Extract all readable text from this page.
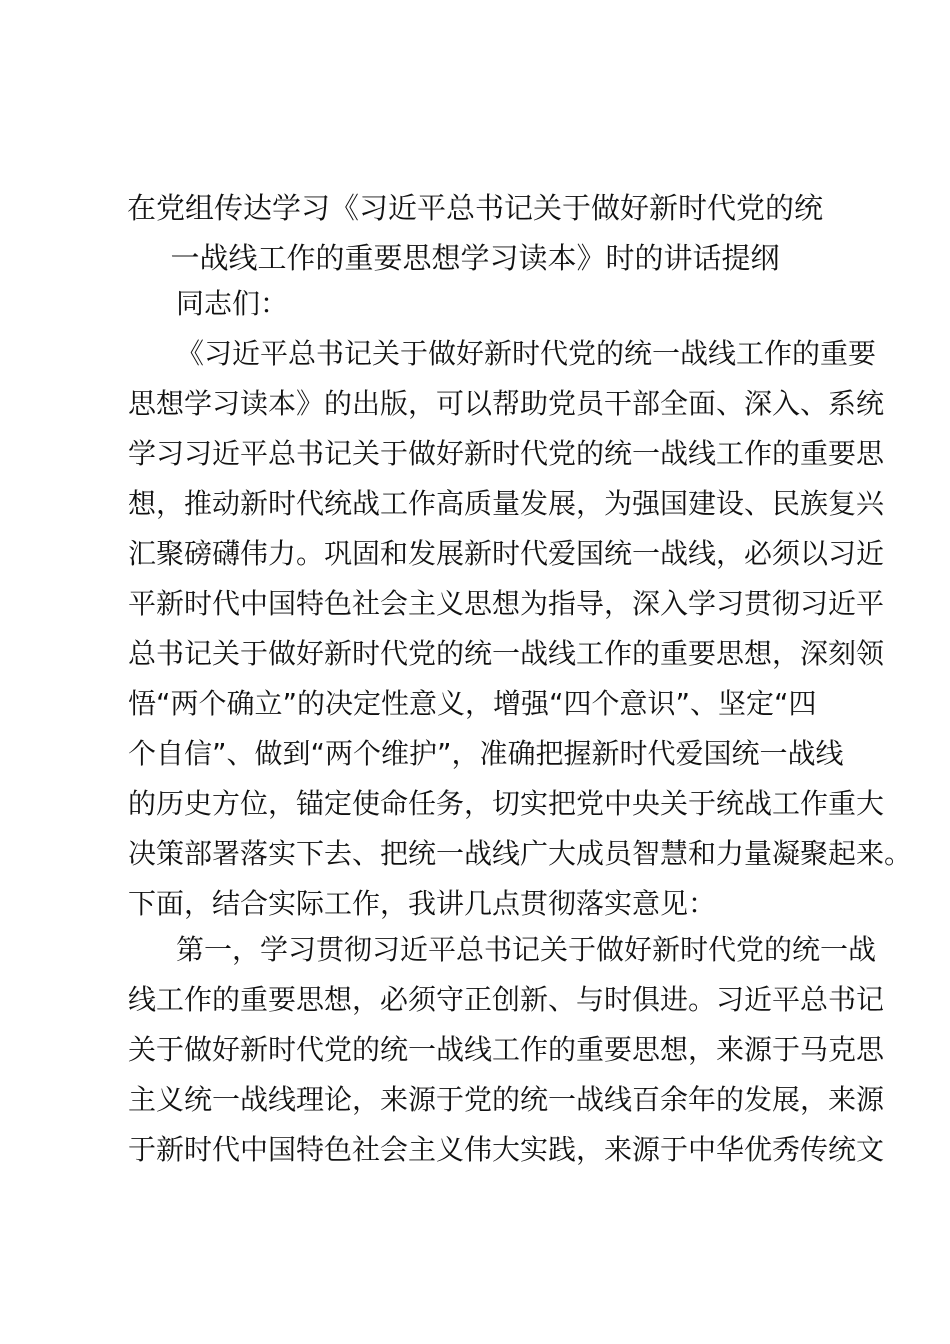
在党组传达学习《习近平总书记关于做好新时代党的统
一战线工作的重要思想学习读本》时的讲话提纲
同志们：
《习近平总书记关于做好新时代党的统一战线工作的重要
思想学习读本》的出版，可以帮助党员干部全面、深入、系统
学习习近平总书记关于做好新时代党的统一战线工作的重要思
想，推动新时代统战工作高质量发展，为强国建设、民族复兴
汇聚磅礴伟力。巩固和发展新时代爱国统一战线，必须以习近
平新时代中国特色社会主义思想为指导，深入学习贯彻习近平
总书记关于做好新时代党的统一战线工作的重要思想，深刻领
悟“两个确立”的决定性意义，增强“四个意识”、坚定“四
个自信”、做到“两个维护”，准确把握新时代爱国统一战线
的历史方位，锚定使命任务，切实把党中央关于统战工作重大
决策部署落实下去、把统一战线广大成员智慧和力量凝聚起来。
下面，结合实际工作，我讲几点贯彻落实意见：
第一，学习贯彻习近平总书记关于做好新时代党的统一战
线工作的重要思想，必须守正创新、与时俱进。习近平总书记
关于做好新时代党的统一战线工作的重要思想，来源于马克思
主义统一战线理论，来源于党的统一战线百余年的发展，来源
于新时代中国特色社会主义伟大实践，来源于中华优秀传统文
